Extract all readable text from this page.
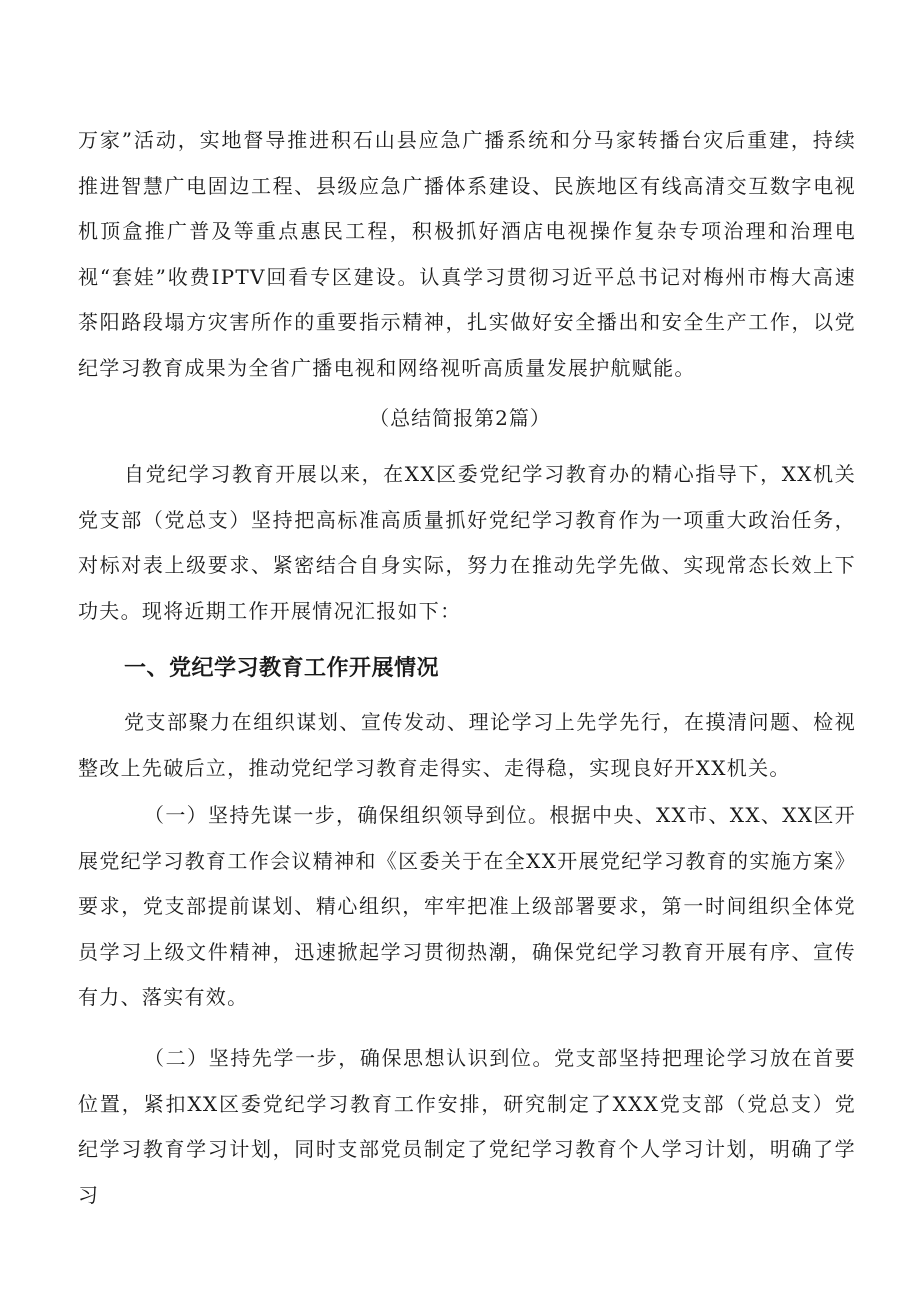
万家”活动，实地督导推进积石山县应急广播系统和分马家转播台灾后重建，持续推进智慧广电固边工程、县级应急广播体系建设、民族地区有线高清交互数字电视机顶盒推广普及等重点惠民工程，积极抓好酒店电视操作复杂专项治理和治理电视“套娃”收费IPTV回看专区建设。认真学习贯彻习近平总书记对梅州市梅大高速茶阳路段塌方灾害所作的重要指示精神，扎实做好安全播出和安全生产工作，以党纪学习教育成果为全省广播电视和网络视听高质量发展护航赋能。

（总结简报第2篇）

自党纪学习教育开展以来，在XX区委党纪学习教育办的精心指导下，XX机关党支部（党总支）坚持把高标准高质量抓好党纪学习教育作为一项重大政治任务，对标对表上级要求、紧密结合自身实际，努力在推动先学先做、实现常态长效上下功夫。现将近期工作开展情况汇报如下：

一、党纪学习教育工作开展情况

党支部聚力在组织谋划、宣传发动、理论学习上先学先行，在摸清问题、检视整改上先破后立，推动党纪学习教育走得实、走得稳，实现良好开XX机关。

（一）坚持先谋一步，确保组织领导到位。根据中央、XX市、XX、XX区开展党纪学习教育工作会议精神和《区委关于在全XX开展党纪学习教育的实施方案》要求，党支部提前谋划、精心组织，牢牢把准上级部署要求，第一时间组织全体党员学习上级文件精神，迅速掀起学习贯彻热潮，确保党纪学习教育开展有序、宣传有力、落实有效。

（二）坚持先学一步，确保思想认识到位。党支部坚持把理论学习放在首要位置，紧扣XX区委党纪学习教育工作安排，研究制定了XXX党支部（党总支）党纪学习教育学习计划，同时支部党员制定了党纪学习教育个人学习计划，明确了学习
